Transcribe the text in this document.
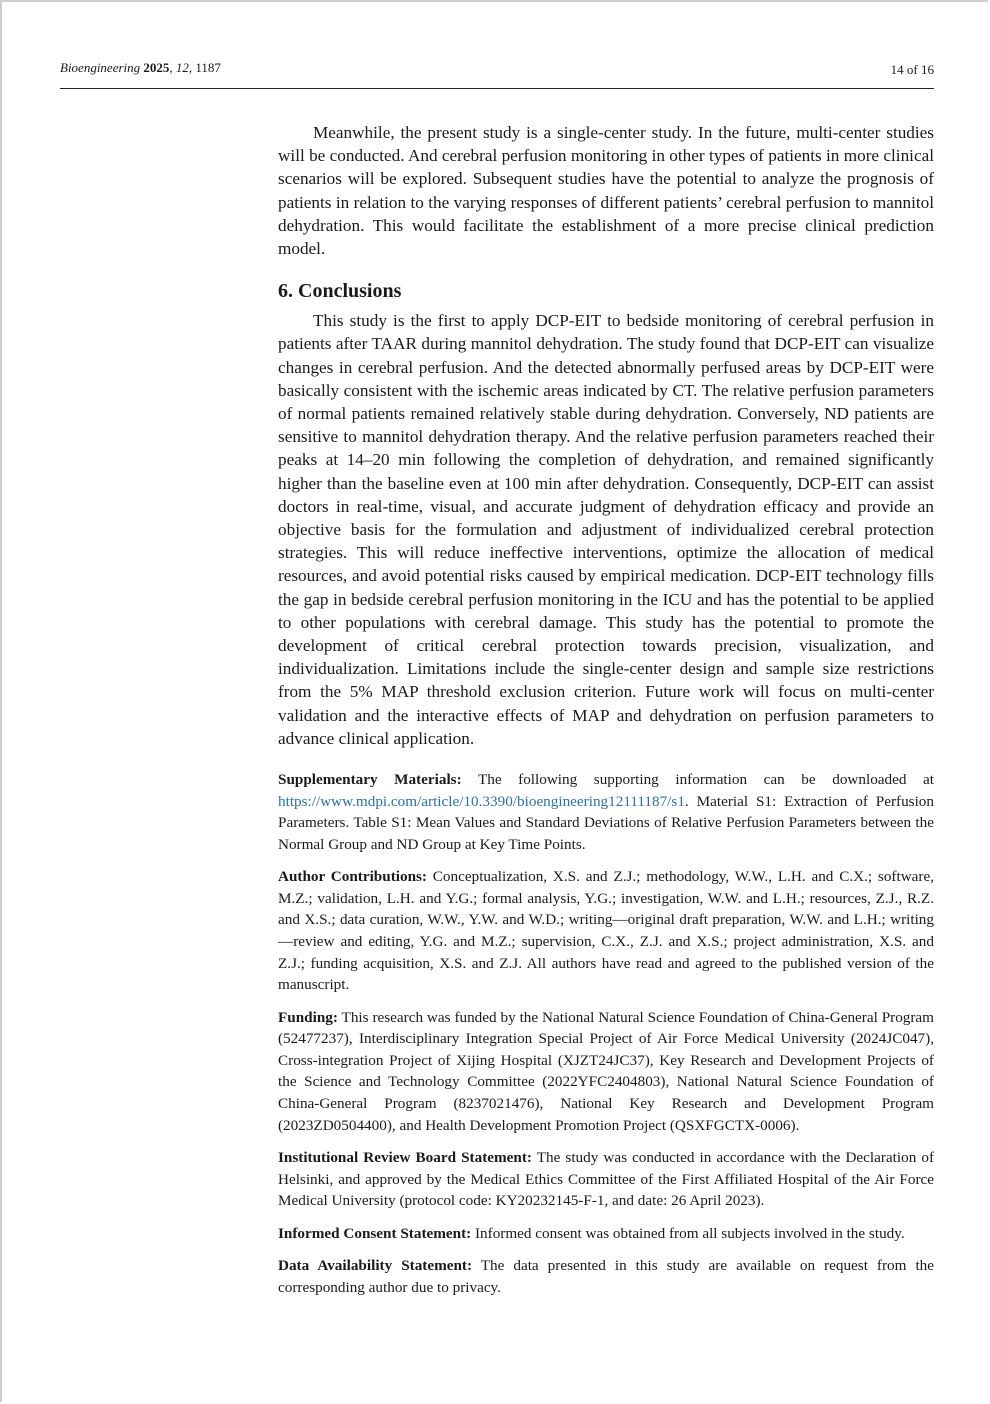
Bioengineering 2025, 12, 1187	14 of 16

Meanwhile, the present study is a single-center study. In the future, multi-center studies will be conducted. And cerebral perfusion monitoring in other types of patients in more clinical scenarios will be explored. Subsequent studies have the potential to analyze the prognosis of patients in relation to the varying responses of different patients’ cerebral perfusion to mannitol dehydration. This would facilitate the establishment of a more precise clinical prediction model.

6. Conclusions

This study is the first to apply DCP-EIT to bedside monitoring of cerebral perfusion in patients after TAAR during mannitol dehydration. The study found that DCP-EIT can visualize changes in cerebral perfusion. And the detected abnormally perfused areas by DCP-EIT were basically consistent with the ischemic areas indicated by CT. The relative perfusion parameters of normal patients remained relatively stable during dehydration. Conversely, ND patients are sensitive to mannitol dehydration therapy. And the relative perfusion parameters reached their peaks at 14–20 min following the completion of dehydration, and remained significantly higher than the baseline even at 100 min after dehydration. Consequently, DCP-EIT can assist doctors in real-time, visual, and accurate judgment of dehydration efficacy and provide an objective basis for the formulation and adjustment of individualized cerebral protection strategies. This will reduce ineffective interventions, optimize the allocation of medical resources, and avoid potential risks caused by empirical medication. DCP-EIT technology fills the gap in bedside cerebral perfusion monitoring in the ICU and has the potential to be applied to other populations with cerebral damage. This study has the potential to promote the development of critical cerebral protection towards precision, visualization, and individualization. Limitations include the single-center design and sample size restrictions from the 5% MAP threshold exclusion criterion. Future work will focus on multi-center validation and the interactive effects of MAP and dehydration on perfusion parameters to advance clinical application.

Supplementary Materials: The following supporting information can be downloaded at https://www.mdpi.com/article/10.3390/bioengineering12111187/s1. Material S1: Extraction of Perfusion Parameters. Table S1: Mean Values and Standard Deviations of Relative Perfusion Parameters between the Normal Group and ND Group at Key Time Points.

Author Contributions: Conceptualization, X.S. and Z.J.; methodology, W.W., L.H. and C.X.; software, M.Z.; validation, L.H. and Y.G.; formal analysis, Y.G.; investigation, W.W. and L.H.; resources, Z.J., R.Z. and X.S.; data curation, W.W., Y.W. and W.D.; writing—original draft preparation, W.W. and L.H.; writing—review and editing, Y.G. and M.Z.; supervision, C.X., Z.J. and X.S.; project administration, X.S. and Z.J.; funding acquisition, X.S. and Z.J. All authors have read and agreed to the published version of the manuscript.

Funding: This research was funded by the National Natural Science Foundation of China-General Program (52477237), Interdisciplinary Integration Special Project of Air Force Medical University (2024JC047), Cross-integration Project of Xijing Hospital (XJZT24JC37), Key Research and Development Projects of the Science and Technology Committee (2022YFC2404803), National Natural Science Foundation of China-General Program (8237021476), National Key Research and Development Program (2023ZD0504400), and Health Development Promotion Project (QSXFGCTX-0006).

Institutional Review Board Statement: The study was conducted in accordance with the Declaration of Helsinki, and approved by the Medical Ethics Committee of the First Affiliated Hospital of the Air Force Medical University (protocol code: KY20232145-F-1, and date: 26 April 2023).

Informed Consent Statement: Informed consent was obtained from all subjects involved in the study.

Data Availability Statement: The data presented in this study are available on request from the corresponding author due to privacy.
